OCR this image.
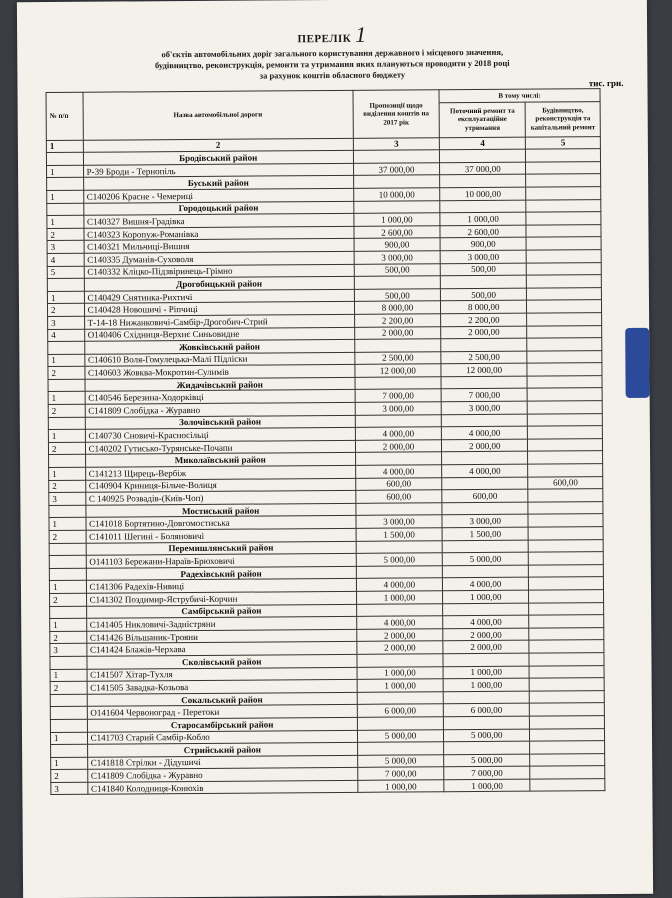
ПЕРЕЛІК 1
об'єктів автомобільних доріг загального користування державного і місцевого значення,
будівництво, реконструкція, ремонти та утримання яких плануються проводити у 2018 році
за рахунок коштів обласного бюджету
тис. грн.
№ п/п	Назва автомобільної дороги	Пропозиції щодо виділення коштів на 2017 рік	В тому числі:	
			Поточний ремонт та експлуатаційне утримання	Будівництво, реконструкція та капітальний ремонт
1	2	3	4	5
	Бродівський район			
1	Р-39 Броди - Тернопіль	37 000,00	37 000,00	
	Буський район			
1	С140206 Красне - Чемериці	10 000,00	10 000,00	
	Городоцький район			
1	С140327 Вишня-Градівка	1 000,00	1 000,00	
2	С140323 Коропуж-Романівка	2 600,00	2 600,00	
3	С140321 Мильчиці-Вишня	900,00	900,00	
4	С140335 Думанів-Суховоля	3 000,00	3 000,00	
5	С140332 Кліцко-Підзвіринець-Грімно	500,00	500,00	
	Дрогобицький район			
1	С140429 Снятинка-Рихтичі	500,00	500,00	
2	С140428 Новошичі - Ріпчиці	8 000,00	8 000,00	
3	Т-14-18 Нижанковичі-Самбір-Дрогобич-Стрий	2 200,00	2 200,00	
4	О140406 Східниця-Верхнє Синьовидне	2 000,00	2 000,00	
	Жовківський район			
1	С140610 Воля-Гомулецька-Малі Підліски	2 500,00	2 500,00	
2	С140603 Жовква-Мокротин-Сулимів	12 000,00	12 000,00	
	Жидачівський район			
1	С140546 Березина-Ходорківці	7 000,00	7 000,00	
2	С141809 Слобідка - Журавно	3 000,00	3 000,00	
	Золочівський район			
1	С140730 Сновичі-Красносільці	4 000,00	4 000,00	
2	С140202 Гутисько-Турянське-Почапи	2 000,00	2 000,00	
	Миколаївський район			
1	С141213 Щирець-Вербіж	4 000,00	4 000,00	
2	С140904 Криниця-Більче-Волиця	600,00		600,00
3	С 140925 Розвадів-(Київ-Чоп)	600,00	600,00	
	Мостиський район			
1	С141018 Бортятино-Довгомостиська	3 000,00	3 000,00	
2	С141011 Шегині - Боляновичі	1 500,00	1 500,00	
	Перемишлянський район			
	О141103 Бережани-Нараїв-Брюховичі	5 000,00	5 000,00	
	Радехівський район			
1	С141306 Радехів-Нивиці	4 000,00	4 000,00	
2	С141302 Поздимир-Яструбичі-Корчин	1 000,00	1 000,00	
	Самбірський район			
1	С141405 Никловичі-Задністряни	4 000,00	4 000,00	
2	С141426 Вільшаник-Трояни	2 000,00	2 000,00	
3	С141424 Блажів-Черхава	2 000,00	2 000,00	
	Сколівський район			
1	С141507 Хітар-Тухля	1 000,00	1 000,00	
2	С141505 Завадка-Козьова	1 000,00	1 000,00	
	Сокальський район			
	О141604 Червоноград - Перетоки	6 000,00	6 000,00	
	Старосамбірський район			
1	С141703 Старий Самбір-Кобло	5 000,00	5 000,00	
	Стрийський район			
1	С141818 Стрілки - Дідушичі	5 000,00	5 000,00	
2	С141809 Слобідка - Журавно	7 000,00	7 000,00	
3	С141840 Колодниця-Конюхів	1 000,00	1 000,00	
